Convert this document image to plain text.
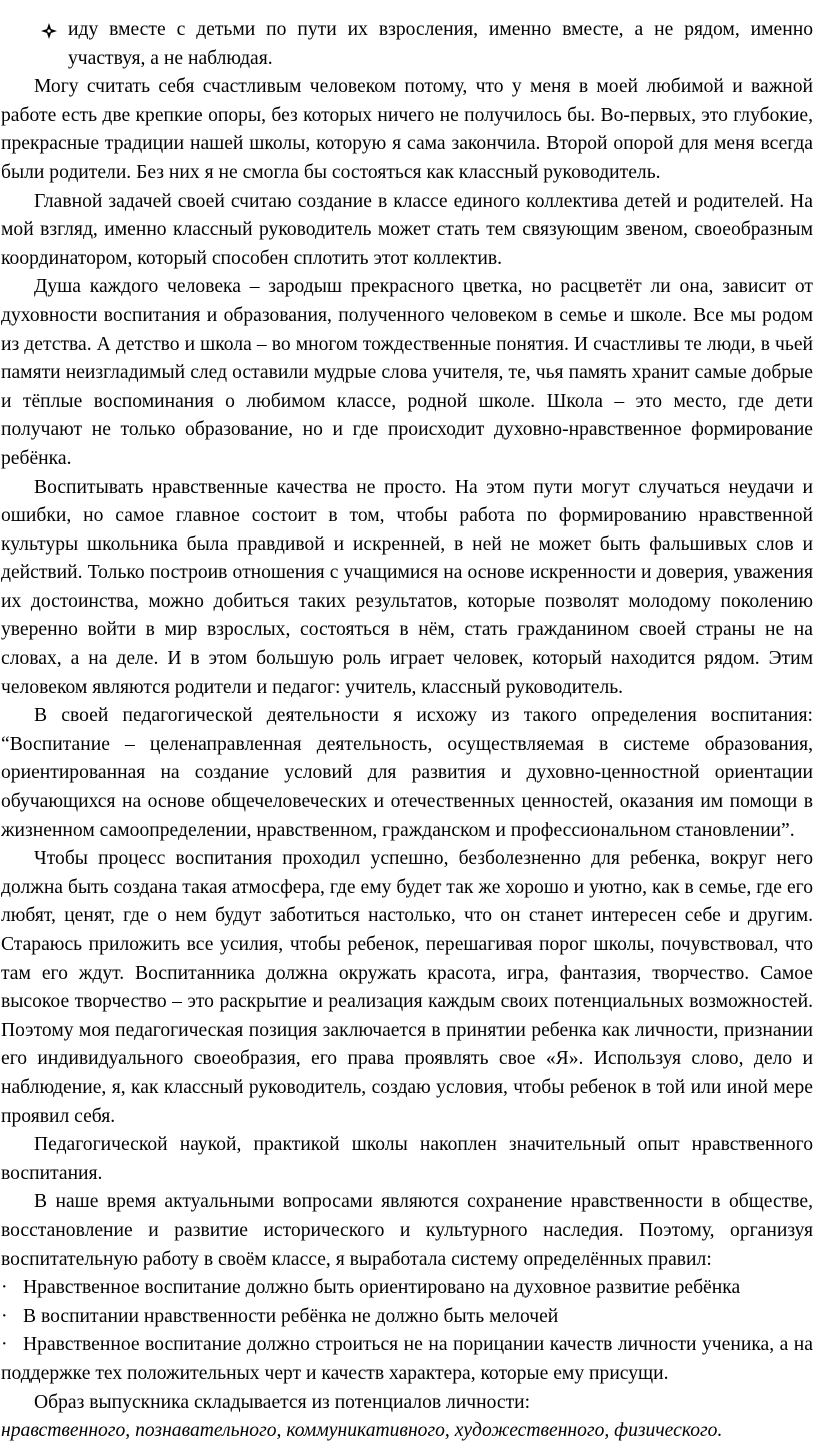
иду вместе с детьми по пути их взросления, именно вместе, а не рядом, именно участвуя, а не наблюдая.

Могу считать себя счастливым человеком потому, что у меня в моей любимой и важной работе есть две крепкие опоры, без которых ничего не получилось бы. Во-первых, это глубокие, прекрасные традиции нашей школы, которую я сама закончила. Второй опорой для меня всегда были родители. Без них я не смогла бы состояться как классный руководитель.

Главной задачей своей считаю создание в классе единого коллектива детей и родителей. На мой взгляд, именно классный руководитель может стать тем связующим звеном, своеобразным координатором, который способен сплотить этот коллектив.

Душа каждого человека – зародыш прекрасного цветка, но расцветёт ли она, зависит от духовности воспитания и образования, полученного человеком в семье и школе. Все мы родом из детства. А детство и школа – во многом тождественные понятия. И счастливы те люди, в чьей памяти неизгладимый след оставили мудрые слова учителя, те, чья память хранит самые добрые и тёплые воспоминания о любимом классе, родной школе. Школа – это место, где дети получают не только образование, но и где происходит духовно-нравственное формирование ребёнка.

Воспитывать нравственные качества не просто. На этом пути могут случаться неудачи и ошибки, но самое главное состоит в том, чтобы работа по формированию нравственной культуры школьника была правдивой и искренней, в ней не может быть фальшивых слов и действий. Только построив отношения с учащимися на основе искренности и доверия, уважения их достоинства, можно добиться таких результатов, которые позволят молодому поколению уверенно войти в мир взрослых, состояться в нём, стать гражданином своей страны не на словах, а на деле. И в этом большую роль играет человек, который находится рядом. Этим человеком являются родители и педагог: учитель, классный руководитель.

В своей педагогической деятельности я исхожу из такого определения воспитания: “Воспитание – целенаправленная деятельность, осуществляемая в системе образования, ориентированная на создание условий для развития и духовно-ценностной ориентации обучающихся на основе общечеловеческих и отечественных ценностей, оказания им помощи в жизненном самоопределении, нравственном, гражданском и профессиональном становлении”.

Чтобы процесс воспитания проходил успешно, безболезненно для ребенка, вокруг него должна быть создана такая атмосфера, где ему будет так же хорошо и уютно, как в семье, где его любят, ценят, где о нем будут заботиться настолько, что он станет интересен себе и другим. Стараюсь приложить все усилия, чтобы ребенок, перешагивая порог школы, почувствовал, что там его ждут. Воспитанника должна окружать красота, игра, фантазия, творчество. Самое высокое творчество – это раскрытие и реализация каждым своих потенциальных возможностей. Поэтому моя педагогическая позиция заключается в принятии ребенка как личности, признании его индивидуального своеобразия, его права проявлять свое «Я». Используя слово, дело и наблюдение, я, как классный руководитель, создаю условия, чтобы ребенок в той или иной мере проявил себя.

Педагогической наукой, практикой школы накоплен значительный опыт нравственного воспитания.

В наше время актуальными вопросами являются сохранение нравственности в обществе, восстановление и развитие исторического и культурного наследия. Поэтому, организуя воспитательную работу в своём классе, я выработала систему определённых правил:

· Нравственное воспитание должно быть ориентировано на духовное развитие ребёнка

· В воспитании нравственности ребёнка не должно быть мелочей

· Нравственное воспитание должно строиться не на порицании качеств личности ученика, а на поддержке тех положительных черт и качеств характера, которые ему присущи.

Образ выпускника складывается из потенциалов личности:

нравственного, познавательного, коммуникативного, художественного, физического.
